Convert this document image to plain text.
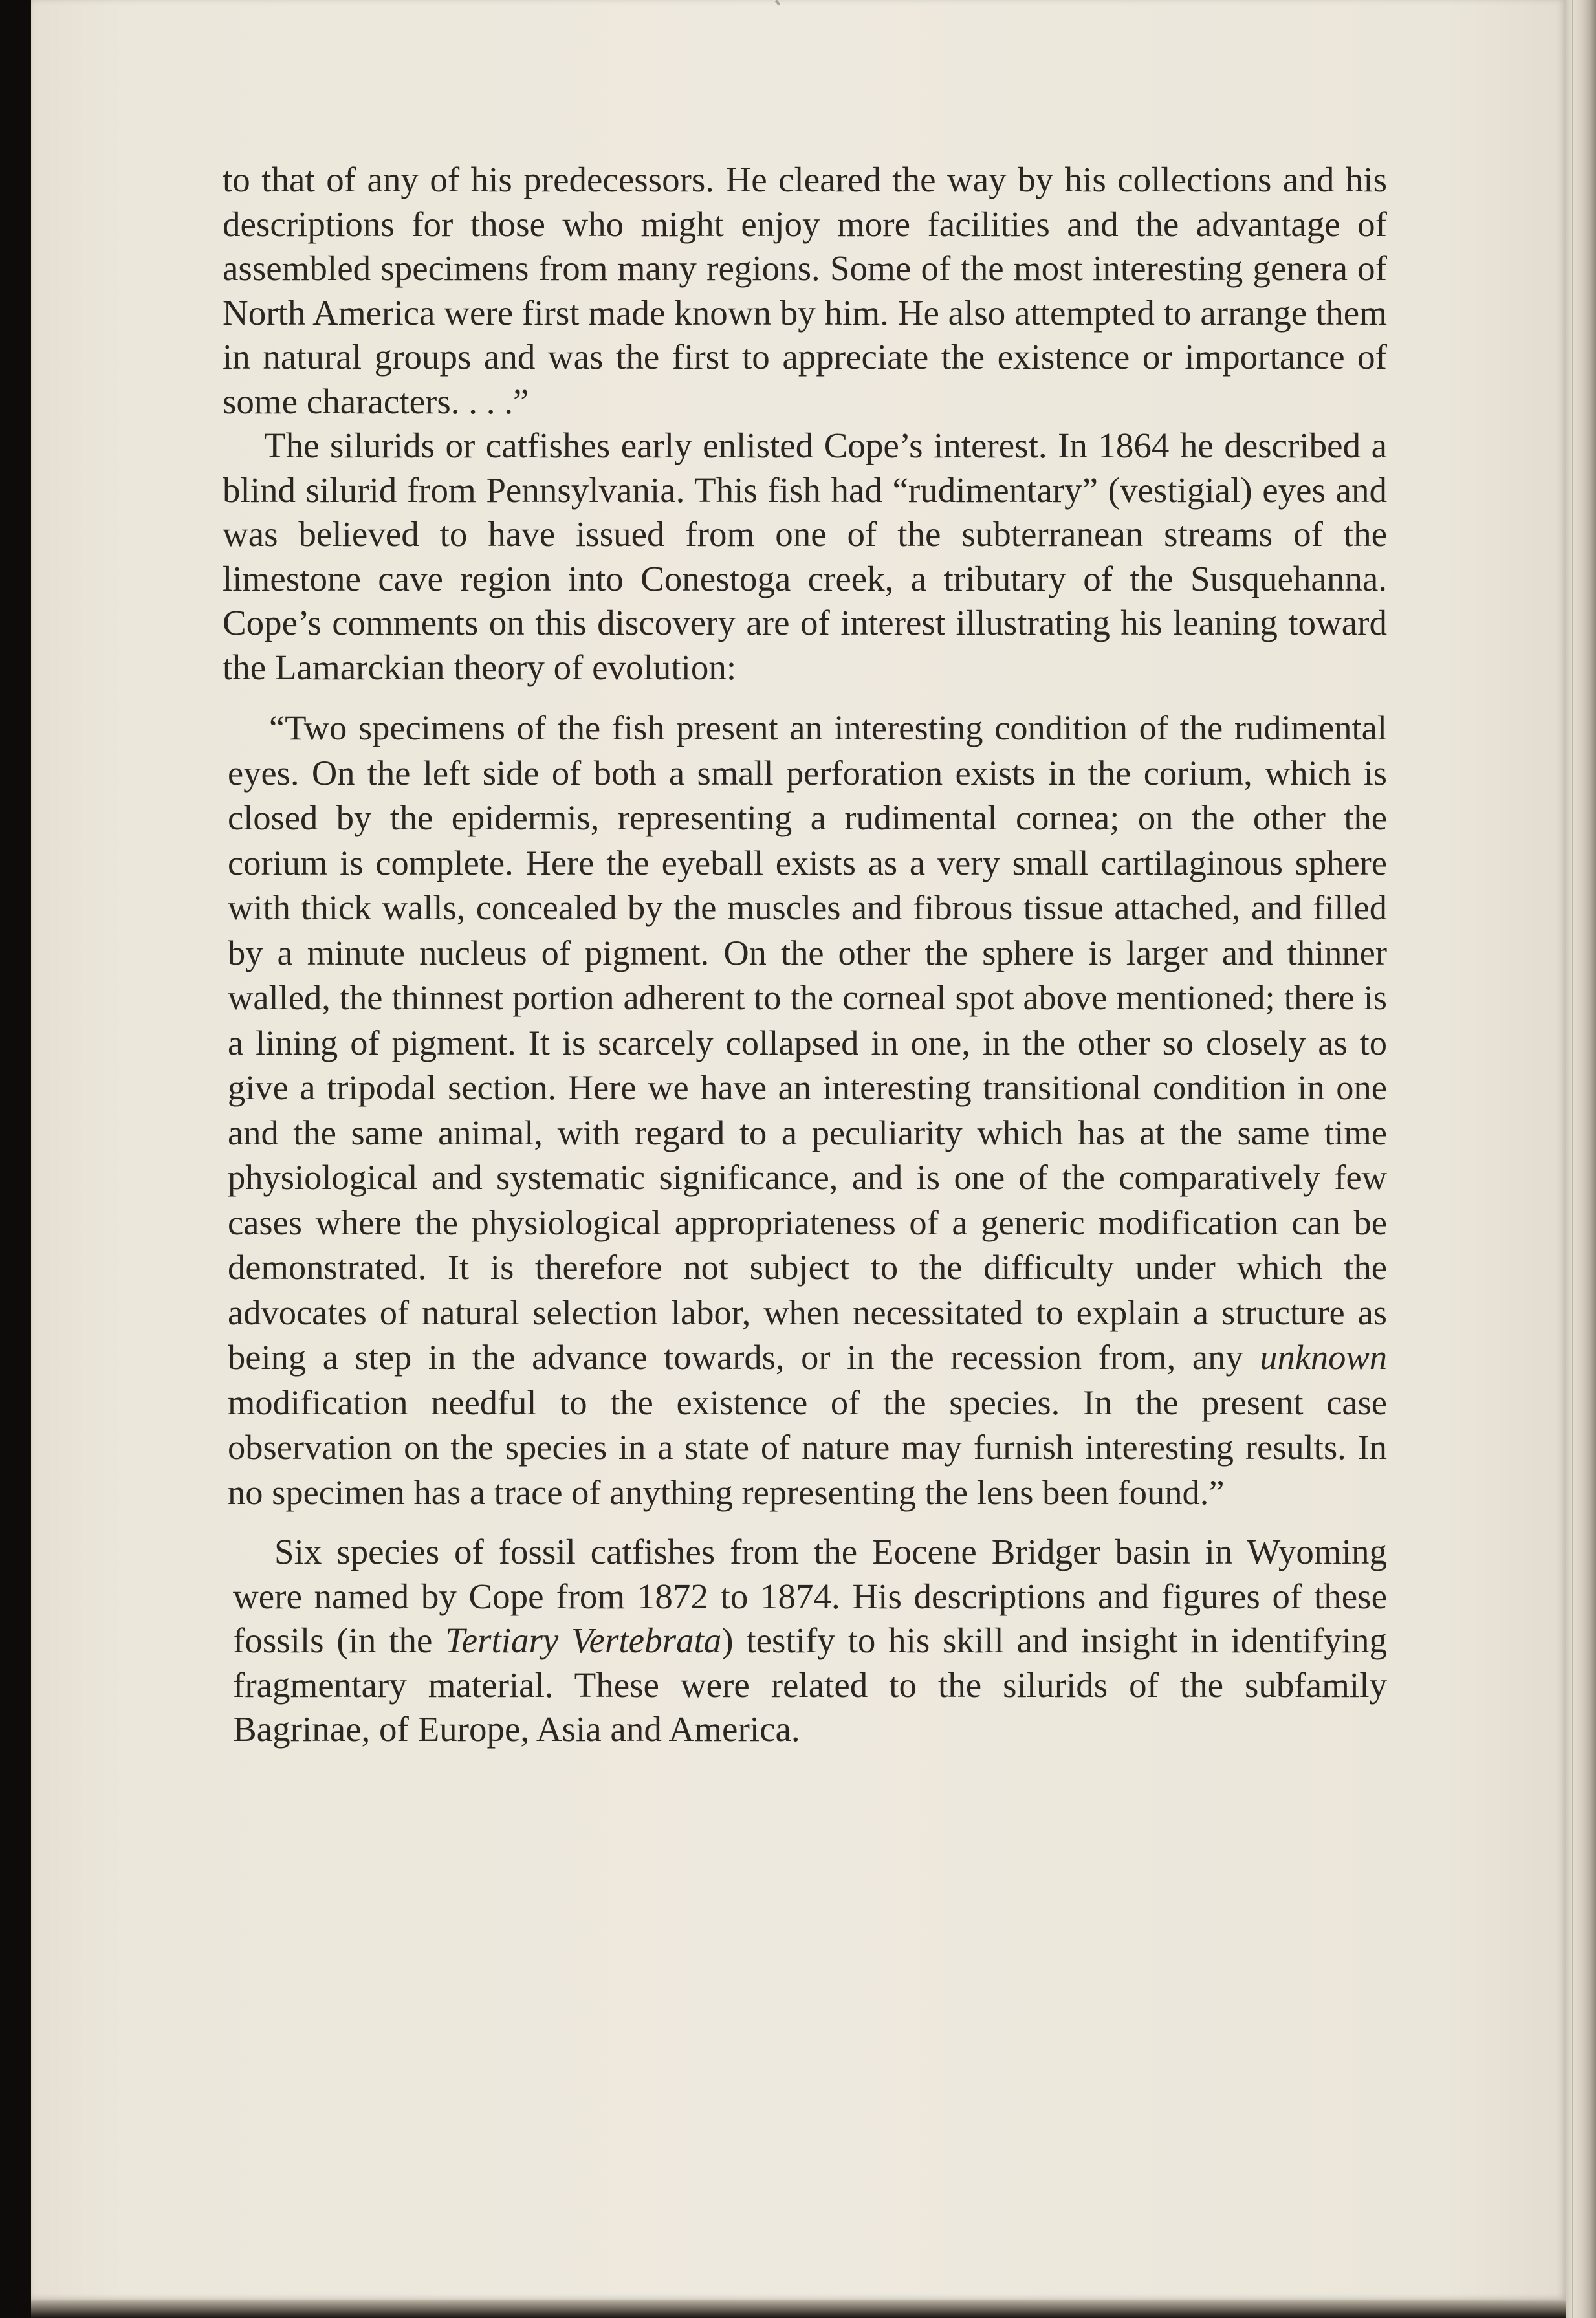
to that of any of his predecessors. He cleared the way by his collections and his descriptions for those who might enjoy more facilities and the advantage of assembled specimens from many regions. Some of the most interesting genera of North America were first made known by him. He also attempted to arrange them in natural groups and was the first to appreciate the existence or importance of some characters. . . .”

The silurids or catfishes early enlisted Cope’s interest. In 1864 he described a blind silurid from Pennsylvania. This fish had “rudimentary” (vestigial) eyes and was believed to have issued from one of the subterranean streams of the limestone cave region into Conestoga creek, a tributary of the Susquehanna. Cope’s comments on this discovery are of interest illustrating his leaning toward the Lamarckian theory of evolution:

“Two specimens of the fish present an interesting condition of the rudimental eyes. On the left side of both a small perforation exists in the corium, which is closed by the epidermis, representing a rudimental cornea; on the other the corium is complete. Here the eyeball exists as a very small cartilaginous sphere with thick walls, concealed by the muscles and fibrous tissue attached, and filled by a minute nucleus of pigment. On the other the sphere is larger and thinner walled, the thinnest portion adherent to the corneal spot above mentioned; there is a lining of pigment. It is scarcely collapsed in one, in the other so closely as to give a tripodal section. Here we have an interesting transitional condition in one and the same animal, with regard to a peculiarity which has at the same time physiological and systematic significance, and is one of the comparatively few cases where the physiological appropriateness of a generic modification can be demonstrated. It is therefore not subject to the difficulty under which the advocates of natural selection labor, when necessitated to explain a structure as being a step in the advance towards, or in the recession from, any unknown modification needful to the existence of the species. In the present case observation on the species in a state of nature may furnish interesting results. In no specimen has a trace of anything representing the lens been found.”

Six species of fossil catfishes from the Eocene Bridger basin in Wyoming were named by Cope from 1872 to 1874. His descriptions and figures of these fossils (in the Tertiary Vertebrata) testify to his skill and insight in identifying fragmentary material. These were related to the silurids of the subfamily Bagrinae, of Europe, Asia and America.
